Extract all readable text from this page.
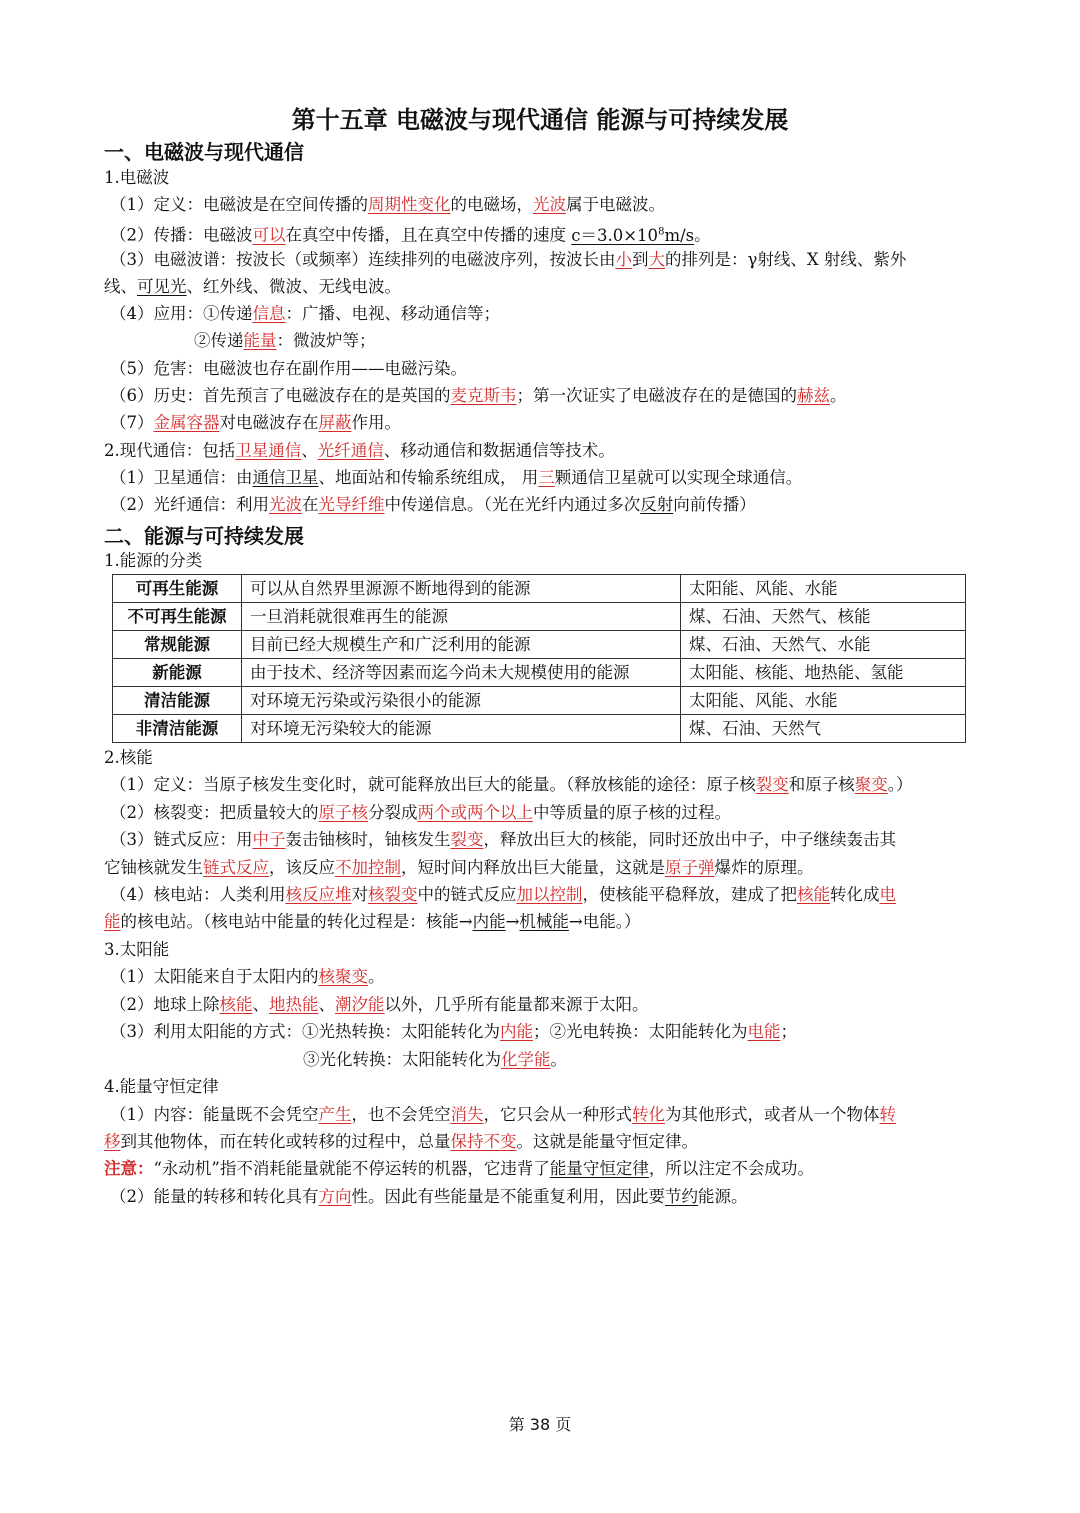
第十五章 电磁波与现代通信 能源与可持续发展
一、电磁波与现代通信
1.电磁波
（1）定义：电磁波是在空间传播的周期性变化的电磁场，光波属于电磁波。
（2）传播：电磁波可以在真空中传播，且在真空中传播的速度 $c=3.0\times 10^8m/s$。
（3）电磁波谱：按波长（或频率）连续排列的电磁波序列，按波长由小到大的排列是：γ射线、X 射线、紫外
线、可见光、红外线、微波、无线电波。
（4）应用：①传递信息：广播、电视、移动通信等；
②传递能量：微波炉等；
（5）危害：电磁波也存在副作用——电磁污染。
（6）历史：首先预言了电磁波存在的是英国的麦克斯韦；第一次证实了电磁波存在的是德国的赫兹。
（7）金属容器对电磁波存在屏蔽作用。
2.现代通信：包括卫星通信、光纤通信、移动通信和数据通信等技术。
（1）卫星通信：由通信卫星、地面站和传输系统组成， 用三颗通信卫星就可以实现全球通信。
（2）光纤通信：利用光波在光导纤维中传递信息。（光在光纤内通过多次反射向前传播）
二、能源与可持续发展
1.能源的分类
可再生能源	可以从自然界里源源不断地得到的能源	太阳能、风能、水能
不可再生能源	一旦消耗就很难再生的能源	煤、石油、天然气、核能
常规能源	目前已经大规模生产和广泛利用的能源	煤、石油、天然气、水能
新能源	由于技术、经济等因素而迄今尚未大规模使用的能源	太阳能、核能、地热能、氢能
清洁能源	对环境无污染或污染很小的能源	太阳能、风能、水能
非清洁能源	对环境无污染较大的能源	煤、石油、天然气
2.核能
（1）定义：当原子核发生变化时，就可能释放出巨大的能量。（释放核能的途径：原子核裂变和原子核聚变。）
（2）核裂变：把质量较大的原子核分裂成两个或两个以上中等质量的原子核的过程。
（3）链式反应：用中子轰击铀核时，铀核发生裂变，释放出巨大的核能，同时还放出中子，中子继续轰击其
它铀核就发生链式反应，该反应不加控制，短时间内释放出巨大能量，这就是原子弹爆炸的原理。
（4）核电站：人类利用核反应堆对核裂变中的链式反应加以控制，使核能平稳释放，建成了把核能转化成电
能的核电站。（核电站中能量的转化过程是：核能→内能→机械能→电能。）
3.太阳能
（1）太阳能来自于太阳内的核聚变。
（2）地球上除核能、地热能、潮汐能以外，几乎所有能量都来源于太阳。
（3）利用太阳能的方式：①光热转换：太阳能转化为内能；②光电转换：太阳能转化为电能；
③光化转换：太阳能转化为化学能。
4.能量守恒定律
（1）内容：能量既不会凭空产生，也不会凭空消失，它只会从一种形式转化为其他形式，或者从一个物体转
移到其他物体，而在转化或转移的过程中，总量保持不变。这就是能量守恒定律。
注意：“永动机”指不消耗能量就能不停运转的机器，它违背了能量守恒定律，所以注定不会成功。
（2）能量的转移和转化具有方向性。因此有些能量是不能重复利用，因此要节约能源。
第 38 页
